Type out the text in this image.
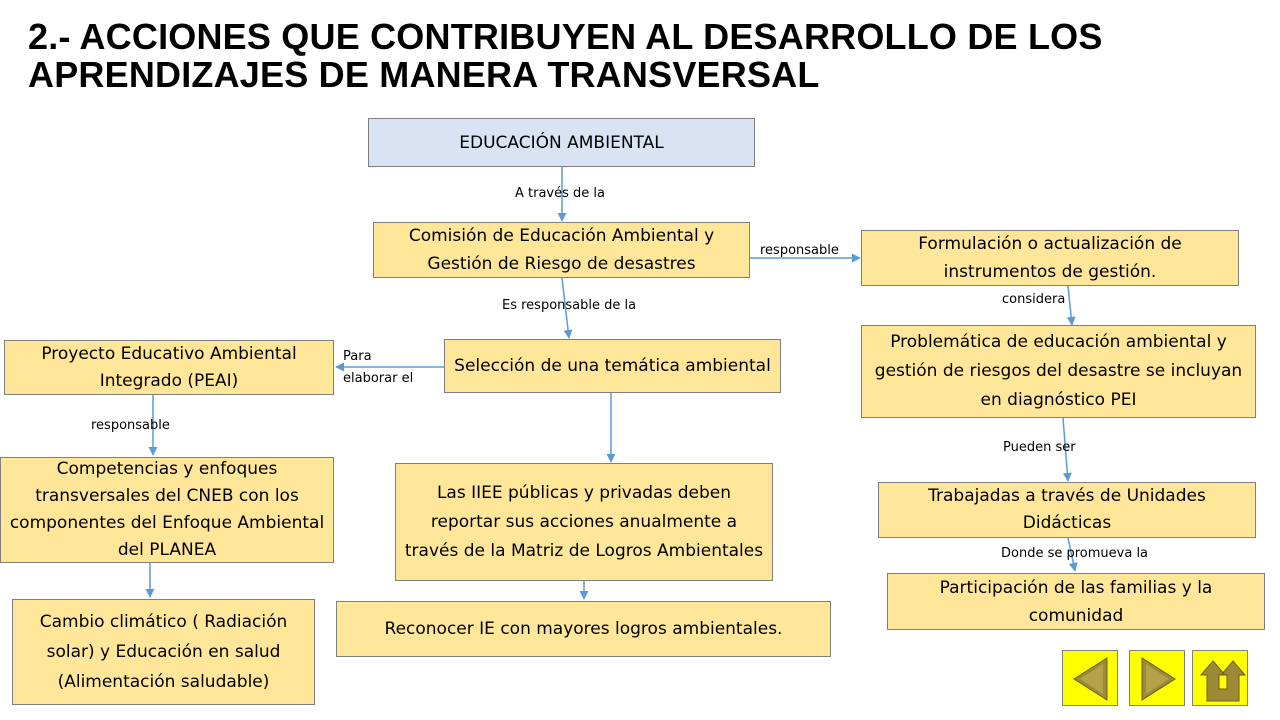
2.- ACCIONES QUE CONTRIBUYEN AL DESARROLLO DE LOS
APRENDIZAJES DE MANERA TRANSVERSAL
EDUCACIÓN AMBIENTAL
Comisión de Educación Ambiental y Gestión de Riesgo de desastres
Formulación o actualización de instrumentos de gestión.
Problemática de educación ambiental y gestión de riesgos del desastre se incluyan en diagnóstico PEI
Selección de una temática ambiental
Proyecto Educativo Ambiental Integrado (PEAI)
Competencias y enfoques transversales del CNEB con los componentes del Enfoque Ambiental del PLANEA
Cambio climático ( Radiación solar) y Educación en salud (Alimentación saludable)
Las IIEE públicas y privadas deben reportar sus acciones anualmente a través de la Matriz de Logros Ambientales
Reconocer IE con mayores logros ambientales.
Trabajadas a través de Unidades Didácticas
Participación de las familias y la comunidad
A través de la
responsable
Es responsable de la	considera
Para
elaborar el
responsable
Pueden ser
Donde se promueva la
